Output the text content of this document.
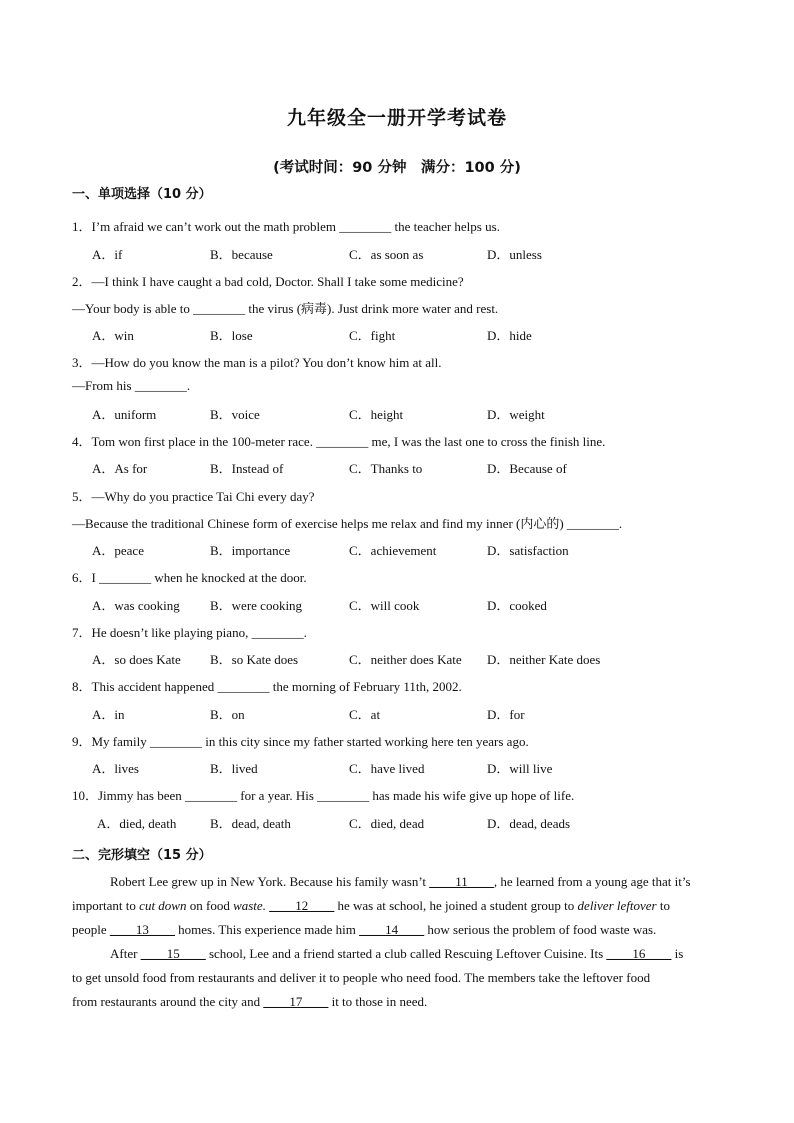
九年级全一册开学考试卷
(考试时间：90 分钟　满分：100 分)
一、单项选择（10 分）
1．I’m afraid we can’t work out the math problem ________ the teacher helps us.
A．if	B．because	C．as soon as	D．unless
2．—I think I have caught a bad cold, Doctor. Shall I take some medicine?
—Your body is able to ________ the virus (病毒). Just drink more water and rest.
A．win	B．lose	C．fight	D．hide
3．—How do you know the man is a pilot? You don’t know him at all.
—From his ________.
A．uniform	B．voice	C．height	D．weight
4．Tom won first place in the 100-meter race. ________ me, I was the last one to cross the finish line.
A．As for	B．Instead of	C．Thanks to	D．Because of
5．—Why do you practice Tai Chi every day?
—Because the traditional Chinese form of exercise helps me relax and find my inner (内心的) ________.
A．peace	B．importance	C．achievement	D．satisfaction
6．I ________ when he knocked at the door.
A．was cooking B．were cooking	C．will cook	D．cooked
7．He doesn’t like playing piano, ________.
A．so does Kate B．so Kate does	C．neither does Kate D．neither Kate does
8．This accident happened ________ the morning of February 11th, 2002.
A．in	B．on	C．at	D．for
9．My family ________ in this city since my father started working here ten years ago.
A．lives	B．lived	C．have lived	D．will live
10．Jimmy has been ________ for a year. His ________ has made his wife give up hope of life.
A．died, death	B．dead, death	C．died, dead	D．dead, deads
二、完形填空（15 分）
Robert Lee grew up in New York. Because his family wasn’t ____11____, he learned from a young age that it’s
important to cut down on food waste. ____12____ he was at school, he joined a student group to deliver leftover to
people ____13____ homes. This experience made him ____14____ how serious the problem of food waste was.
After ____15____ school, Lee and a friend started a club called Rescuing Leftover Cuisine. Its ____16____ is
to get unsold food from restaurants and deliver it to people who need food. The members take the leftover food
from restaurants around the city and ____17____ it to those in need.
